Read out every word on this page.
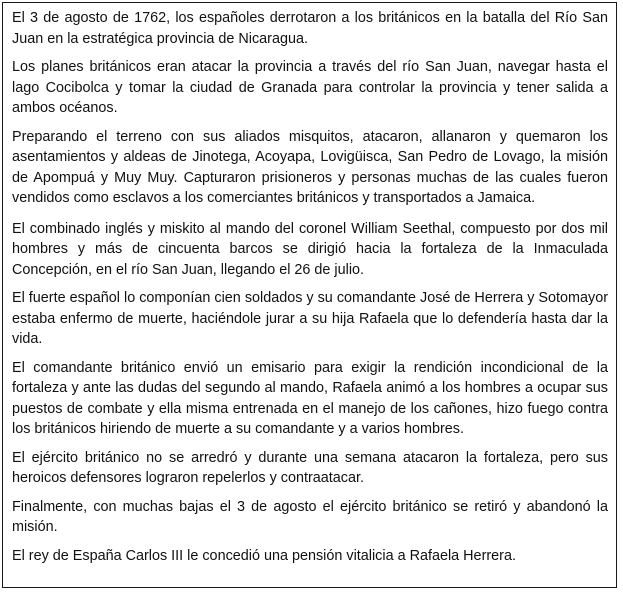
El 3 de agosto de 1762, los españoles derrotaron a los británicos en la batalla del Río San Juan en la estratégica provincia de Nicaragua.

Los planes británicos eran atacar la provincia a través del río San Juan, navegar hasta el lago Cocibolca y tomar la ciudad de Granada para controlar la provincia y tener salida a ambos océanos.

Preparando el terreno con sus aliados misquitos, atacaron, allanaron y quemaron los asentamientos y aldeas de Jinotega, Acoyapa, Lovigüisca, San Pedro de Lovago, la misión de Apompuá y Muy Muy. Capturaron prisioneros y personas muchas de las cuales fueron vendidos como esclavos a los comerciantes británicos y transportados a Jamaica.

El combinado inglés y miskito al mando del coronel William Seethal, compuesto por dos mil hombres y más de cincuenta barcos se dirigió hacia la fortaleza de la Inmaculada Concepción, en el río San Juan, llegando el 26 de julio.

El fuerte español lo componían cien soldados y su comandante José de Herrera y Sotomayor estaba enfermo de muerte, haciéndole jurar a su hija Rafaela que lo defendería hasta dar la vida.

El comandante británico envió un emisario para exigir la rendición incondicional de la fortaleza y ante las dudas del segundo al mando, Rafaela animó a los hombres a ocupar sus puestos de combate y ella misma entrenada en el manejo de los cañones, hizo fuego contra los británicos hiriendo de muerte a su comandante y a varios hombres.

El ejército británico no se arredró y durante una semana atacaron la fortaleza, pero sus heroicos defensores lograron repelerlos y contraatacar.

Finalmente, con muchas bajas el 3 de agosto el ejército británico se retiró y abandonó la misión.

El rey de España Carlos III le concedió una pensión vitalicia a Rafaela Herrera.
